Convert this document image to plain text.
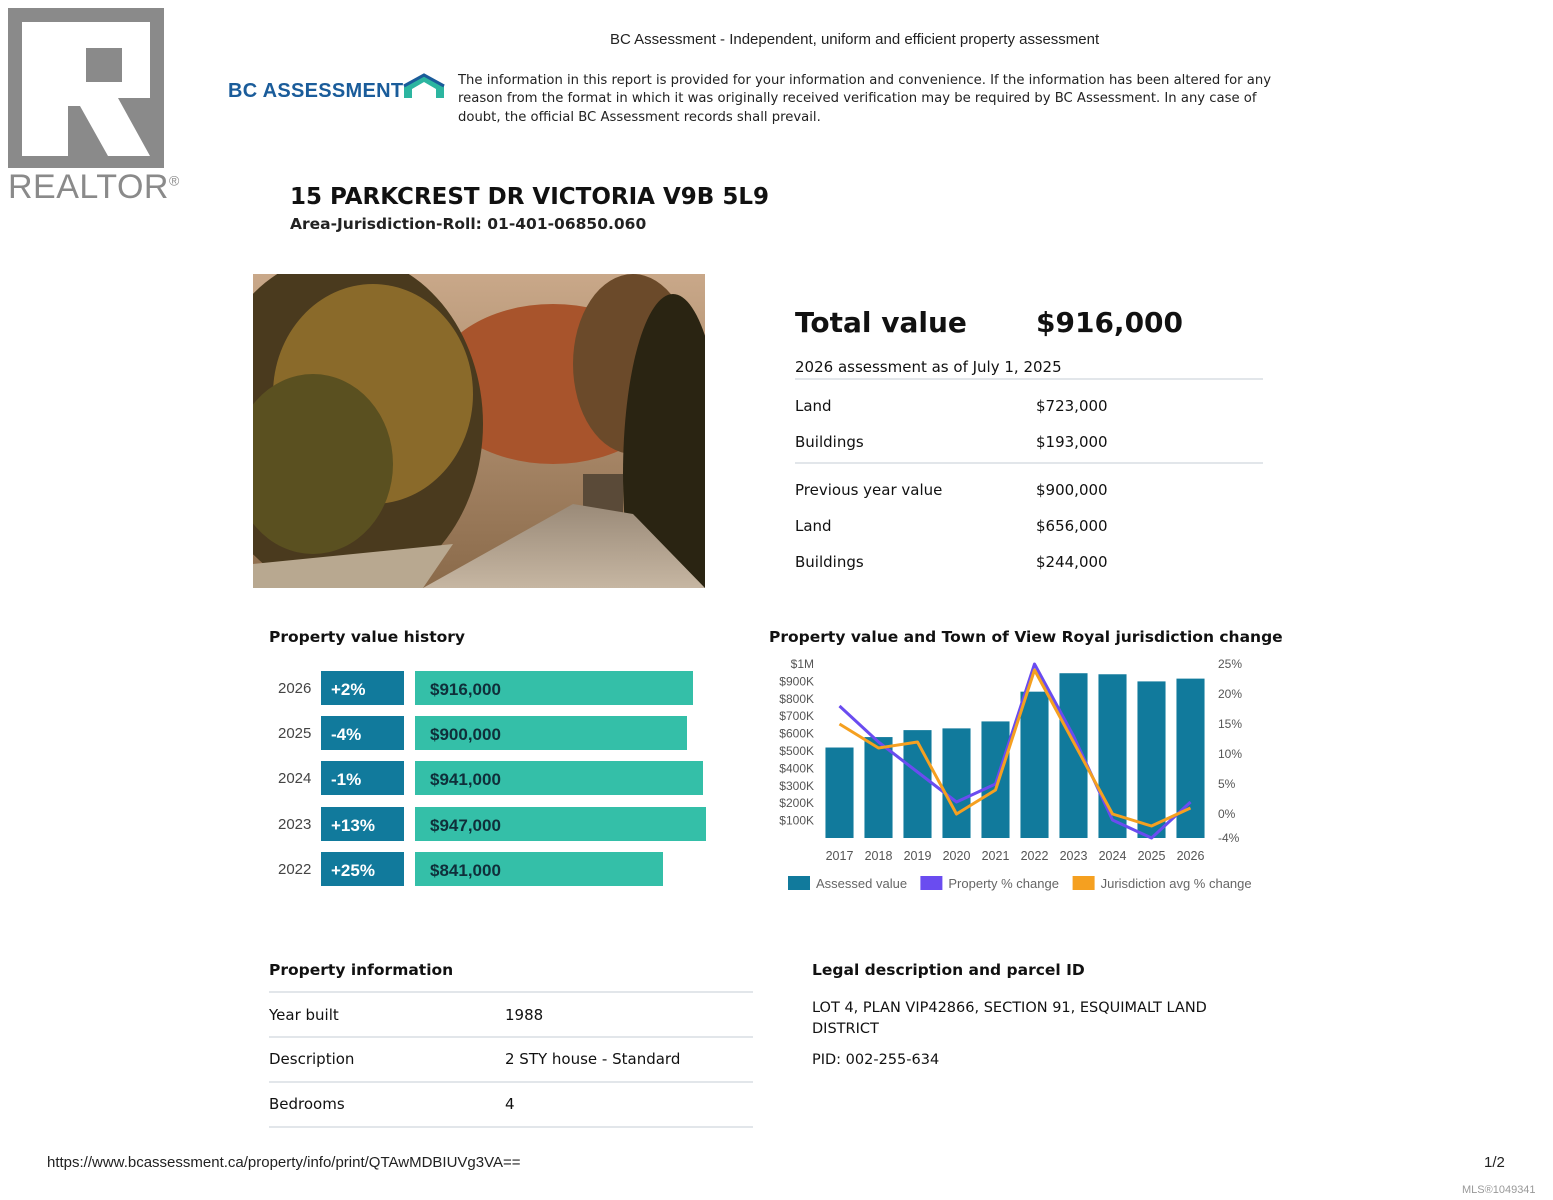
BC Assessment - Independent, uniform and efficient property assessment
REALTOR®
BC ASSESSMENT	The information in this report is provided for your information and convenience. If the information has been altered for any reason from the format in which it was originally received verification may be required by BC Assessment. In any case of doubt, the official BC Assessment records shall prevail.
15 PARKCREST DR VICTORIA V9B 5L9
Area-Jurisdiction-Roll: 01-401-06850.060
Total value $916,000
2026 assessment as of July 1, 2025
Land	$723,000
Buildings	$193,000
Previous year value	$900,000
Land	$656,000
Buildings	$244,000
Property value history
2026	+2%	$916,000
2025	-4%	$900,000
2024	-1%	$941,000
2023	+13%	$947,000
2022	+25%	$841,000
Property value and Town of View Royal jurisdiction change
$1M
$900K
$800K
$700K
$600K
$500K
$400K
$300K
$200K
$100K
25%
20%
15%
10%
5%
0%
-4%
2017 2018 2019 2020 2021 2022 2023 2024 2025 2026
Assessed value	Property % change	Jurisdiction avg % change
Property information
Year built	1988
Description	2 STY house - Standard
Bedrooms	4
Legal description and parcel ID
LOT 4, PLAN VIP42866, SECTION 91, ESQUIMALT LAND DISTRICT
PID: 002-255-634
https://www.bcassessment.ca/property/info/print/QTAwMDBIUVg3VA==	1/2
MLS®1049341
